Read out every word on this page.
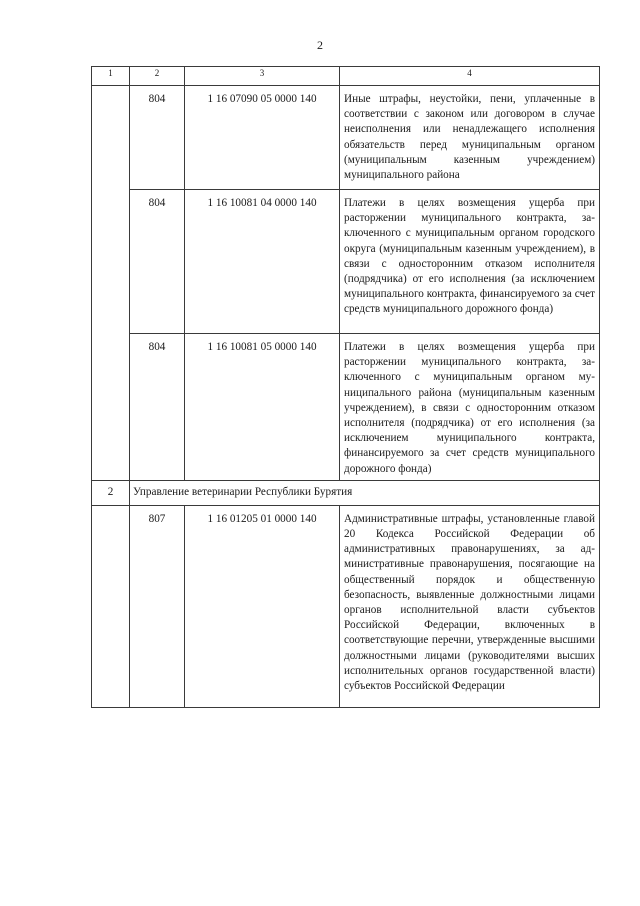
2
1	2	3	4
	804	1 16 07090 05 0000 140	Иные штрафы, неустойки, пени, уплаченные в соответствии с законом или договором в случае неисполнения или ненадлежащего исполнения обязательств перед муниципальным органом (муниципальным казенным учреждением) муниципального района
	804	1 16 10081 04 0000 140	Платежи в целях возмещения ущерба при расторжении муниципального контракта, заключенного с муниципальным органом городского округа (муниципальным казенным учреждением), в связи с односторонним отказом исполнителя (подрядчика) от его исполнения (за исключением муниципального контракта, финансируемого за счет средств муниципального дорожного фонда)
	804	1 16 10081 05 0000 140	Платежи в целях возмещения ущерба при расторжении муниципального контракта, заключенного с муниципальным органом муниципального района (муниципальным казенным учреждением), в связи с односторонним отказом исполнителя (подрядчика) от его исполнения (за исключением муниципального контракта, финансируемого за счет средств муниципального дорожного фонда)
2	Управление ветеринарии Республики Бурятия		
	807	1 16 01205 01 0000 140	Административные штрафы, установленные главой 20 Кодекса Российской Федерации об административных правонарушениях, за административные правонарушения, посягающие на общественный порядок и общественную безопасность, выявленные должностными лицами органов исполнительной власти субъектов Российской Федерации, включенных в соответствующие перечни, утвержденные высшими должностными лицами (руководителями высших исполнительных органов государственной власти) субъектов Российской Федерации
